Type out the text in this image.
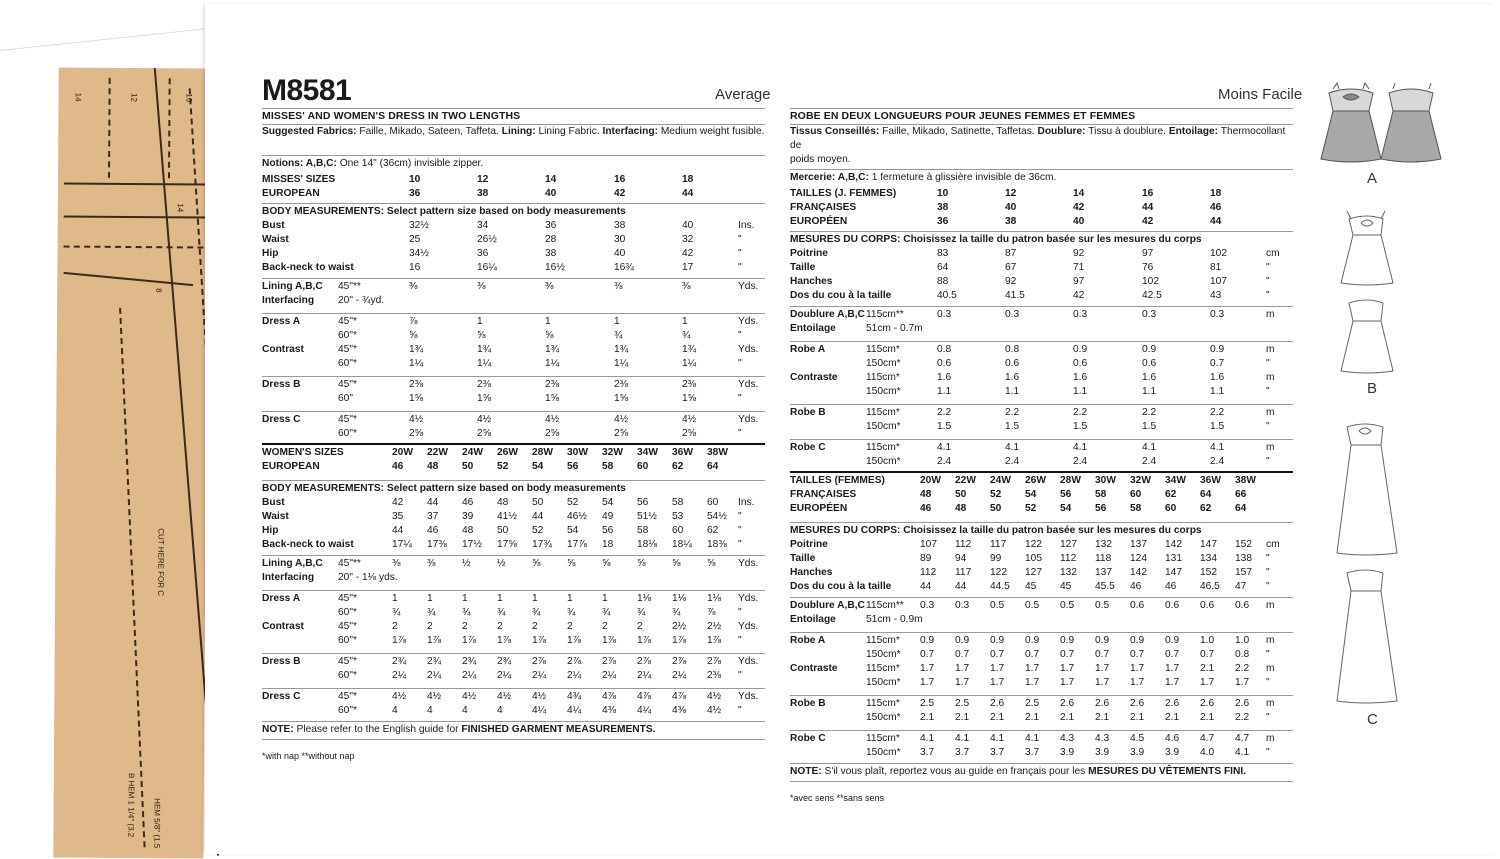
CUT HERE FOR C
B HEM 1 1/4" (3.2 HEM 5/8" (1.5
14	12	10
14
8
M8581	Average	Moins Facile
MISSES' AND WOMEN'S DRESS IN TWO LENGTHS
Suggested Fabrics: Faille, Mikado, Sateen, Taffeta. Lining: Lining Fabric. Interfacing: Medium weight fusible.
Notions: A,B,C: One 14" (36cm) invisible zipper.
MISSES' SIZES	10	12	14	16	18
EUROPEAN	36	38	40	42	44
BODY MEASUREMENTS: Select pattern size based on body measurements
Bust	32½	34	36	38	40	Ins.
Waist	25	26½	28	30	32	"
Hip	34½	36	38	40	42	"
Back-neck to waist	16	16¼	16½	16¾	17	"
Lining A,B,C 45"**	⅜	⅜	⅜	⅜	⅜	Yds.
Interfacing 20" - ¾yd.
Dress A	45"*	⅞	1	1	1	1	Yds.
60"*	⅝	⅝	⅝	¾	¾	"
Contrast	45"*	1¾	1¾	1¾	1¾	1¾	Yds.
60"*	1¼	1¼	1¼	1¼	1¼	"
Dress B	45"*	2⅜	2⅜	2⅜	2⅜	2⅜	Yds.
60"	1⅝	1⅝	1⅝	1⅝	1⅝	"
Dress C	45"*	4½	4½	4½	4½	4½	Yds.
60"*	2⅝	2⅝	2⅝	2⅝	2⅝	"
WOMEN'S SIZES	20W 22W 24W 26W 28W 30W 32W 34W 36W 38W
EUROPEAN	46 48 50 52 54 56 58 60 62 64
BODY MEASUREMENTS: Select pattern size based on body measurements
Bust	42 44 46 48 50 52 54 56 58 60 Ins.
Waist	35 37 39 41½ 44 46½ 49 51½ 53 54½ "
Hip	44 46 48 50 52 54 56 58 60 62 "
Back-neck to waist	17¼ 17⅜ 17½ 17⅝ 17¾ 17⅞ 18 18⅛ 18¼ 18⅜ "
Lining A,B,C 45"**	⅜	⅜	½	½	⅝	⅝	⅝	⅝	⅝	⅝ Yds.
Interfacing 20" - 1⅛ yds.
Dress A	45"*	1	1	1	1	1	1	1	1⅛ 1⅛ 1⅛ Yds.
60"*	¾	¾	¾	¾	¾	¾	¾	¾	¾	⅞ "
Contrast	45"*	2	2	2	2	2	2	2	2	2½ 2½ Yds.
60"*	1⅞ 1⅞ 1⅞ 1⅞ 1⅞ 1⅞ 1⅞ 1⅞ 1⅞ 1⅞ "
Dress B	45"*	2¾ 2¾ 2¾ 2¾ 2⅞ 2⅞ 2⅞ 2⅞ 2⅞ 2⅞ Yds.
60"*	2¼ 2¼ 2¼ 2¼ 2¼ 2¼ 2¼ 2¼ 2¼ 2⅜ "
Dress C	45"*	4½ 4½ 4½ 4½ 4½ 4¾ 4⅞ 4⅞ 4⅞ 4½ Yds.
60"*	4	4	4	4	4¼ 4¼ 4⅜ 4¼ 4⅜ 4½ "
NOTE: Please refer to the English guide for FINISHED GARMENT MEASUREMENTS.
*with nap **without nap
ROBE EN DEUX LONGUEURS POUR JEUNES FEMMES ET FEMMES
Tissus Conseillés: Faille, Mikado, Satinette, Taffetas. Doublure: Tissu à doublure. Entoilage: Thermocollant de
poids moyen.
Mercerie: A,B,C: 1 fermeture à glissière invisible de 36cm.
TAILLES (J. FEMMES)	10	12	14	16	18
FRANÇAISES	38	40	42	44	46
EUROPÉEN	36	38	40	42	44
MESURES DU CORPS: Choisissez la taille du patron basée sur les mesures du corps
Poitrine	83	87	92	97	102	cm
Taille	64	67	71	76	81	"
Hanches	88	92	97	102	107	"
Dos du cou à la taille	40.5	41.5	42	42.5	43	"
Doublure A,B,C 115cm**	0.3	0.3	0.3	0.3	0.3	m
Entoilage	51cm - 0.7m
Robe A	115cm*	0.8	0.8	0.9	0.9	0.9	m
150cm*	0.6	0.6	0.6	0.6	0.7	"
Contraste	115cm*	1.6	1.6	1.6	1.6	1.6	m
150cm*	1.1	1.1	1.1	1.1	1.1	"
Robe B	115cm*	2.2	2.2	2.2	2.2	2.2	m
150cm*	1.5	1.5	1.5	1.5	1.5	"
Robe C	115cm*	4.1	4.1	4.1	4.1	4.1	m
150cm*	2.4	2.4	2.4	2.4	2.4	"
TAILLES (FEMMES)	20W 22W 24W 26W 28W 30W 32W 34W 36W 38W
FRANÇAISES	48 50 52 54 56 58 60 62 64 66
EUROPÉEN	46 48 50 52 54 56 58 60 62 64
MESURES DU CORPS: Choisissez la taille du patron basée sur les mesures du corps
Poitrine	107 112 117 122 127 132 137 142 147 152 cm
Taille	89 94 99 105 112 118 124 131 134 138 "
Hanches	112 117 122 127 132 137 142 147 152 157 "
Dos du cou à la taille	44 44 44.5 45 45 45.5 46 46 46.5 47 "
Doublure A,B,C 115cm** 0.3 0.3 0.5 0.5 0.5 0.5 0.6 0.6 0.6 0.6 m
Entoilage	51cm - 0.9m
Robe A	115cm* 0.9 0.9 0.9 0.9 0.9 0.9 0.9 0.9 1.0 1.0 m
150cm* 0.7 0.7 0.7 0.7 0.7 0.7 0.7 0.7 0.7 0.8 "
Contraste	115cm* 1.7 1.7 1.7 1.7 1.7 1.7 1.7 1.7 2.1 2.2 m
150cm* 1.7 1.7 1.7 1.7 1.7 1.7 1.7 1.7 1.7 1.7 "
Robe B	115cm* 2.5 2.5 2.6 2.5 2.6 2.6 2.6 2.6 2.6 2.6 m
150cm* 2.1 2.1 2.1 2.1 2.1 2.1 2.1 2.1 2.1 2.2 "
Robe C	115cm* 4.1 4.1 4.1 4.1 4.3 4.3 4.5 4.6 4.7 4.7 m
150cm* 3.7 3.7 3.7 3.7 3.9 3.9 3.9 3.9 4.0 4.1 "
NOTE: S'il vous plaît, reportez vous au guide en français pour les MESURES DU VÊTEMENTS FINI.
*avec sens **sans sens
A
B
C
